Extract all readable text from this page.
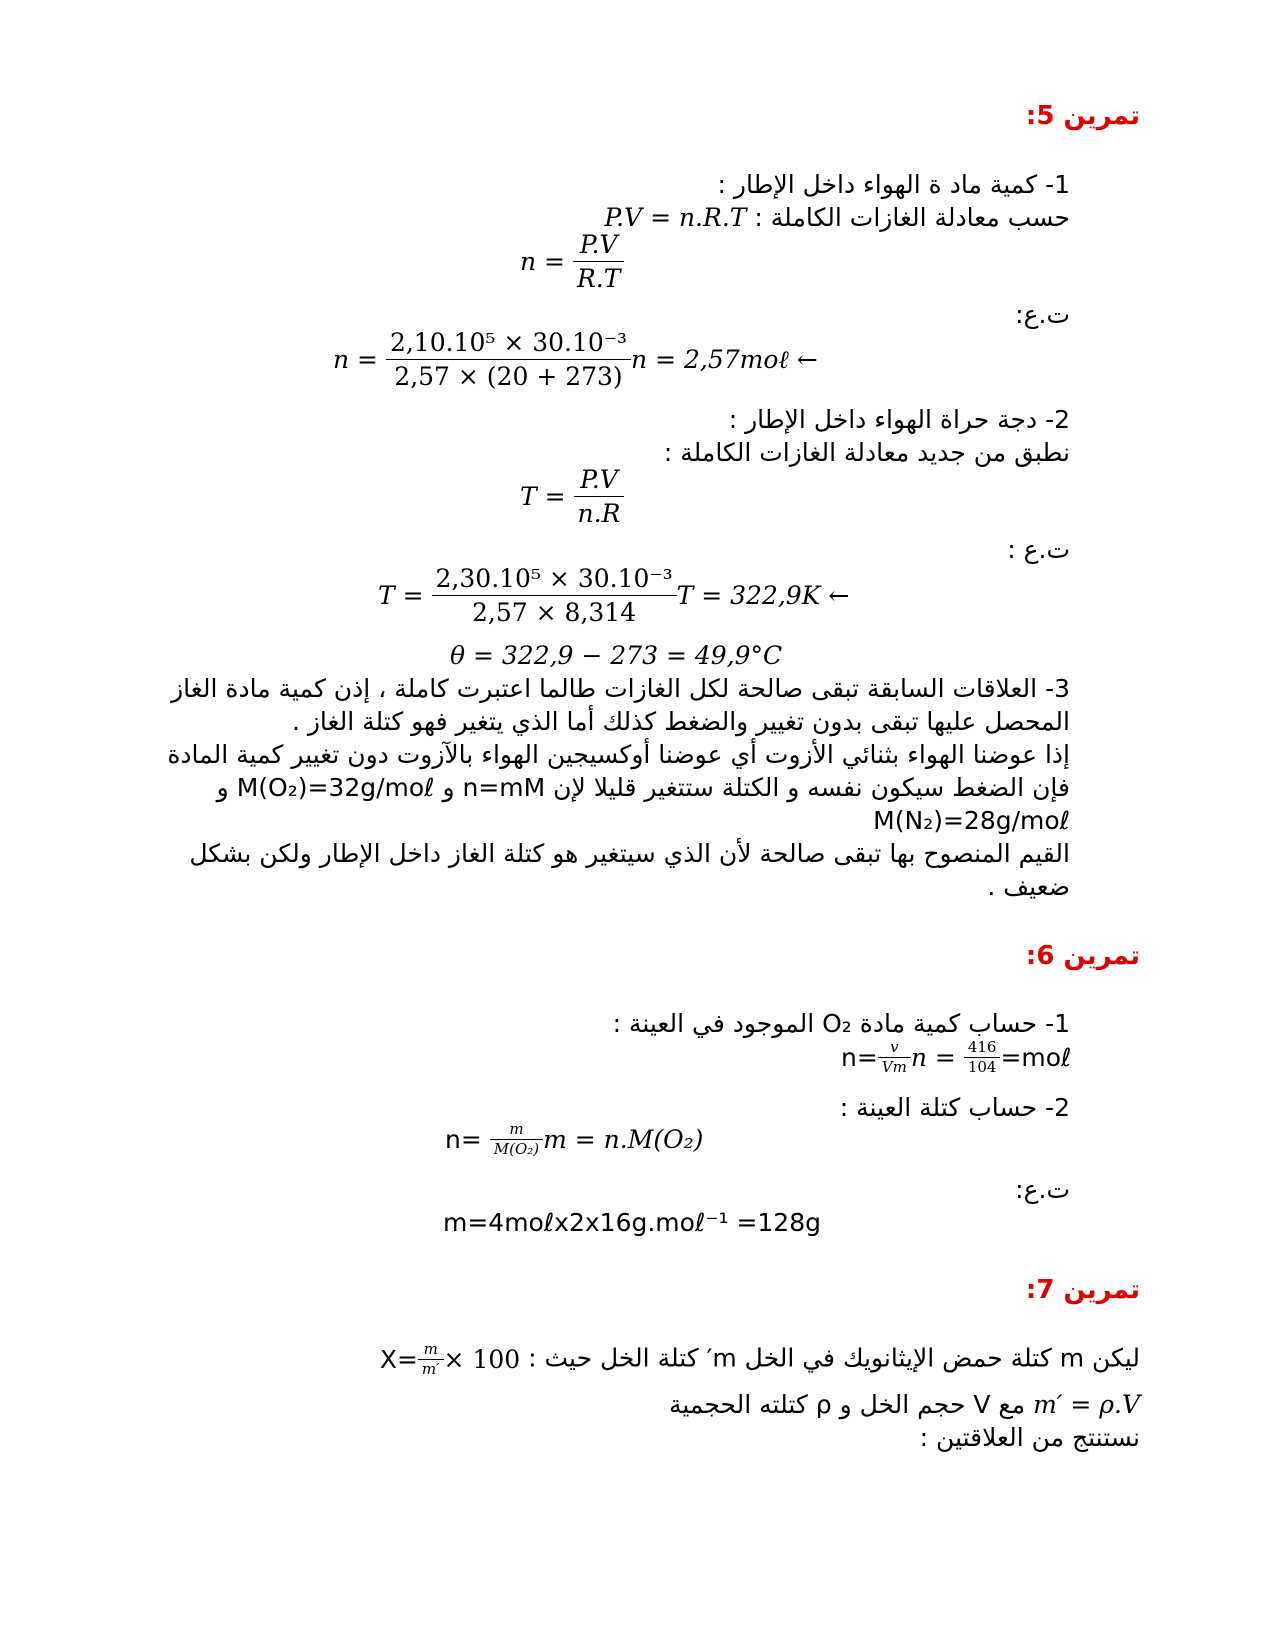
تمرين 5:
1- كمية ماد ة الهواء داخل الإطار :
حسب معادلة الغازات الكاملة : P.V = n.R.T
$n = \frac{P.V}{R.T}$
ت.ع:
$n = \frac{\text{2,10.10⁵ × 30.10⁻³}}{2,57 \times (20 + 273)}$ n = 2,57moℓ ←
2- دجة حراة الهواء داخل الإطار :
نطبق من جديد معادلة الغازات الكاملة :
$T = \frac{P.V}{n.R}$
ت.ع :
$T = \frac{\text{2,30.10⁵ × 30.10⁻³}}{2,57 \times 8,314}$ T = 322,9K ←
θ = 322,9 − 273 = 49,9°C
3- العلاقات السابقة تبقى صالحة لكل الغازات طالما اعتبرت كاملة ، إذن كمية مادة الغاز
المحصل عليها تبقى بدون تغيير والضغط كذلك أما الذي يتغير فهو كتلة الغاز .
إذا عوضنا الهواء بثنائي الأزوت أي عوضنا أوكسيجين الهواء بالآزوت دون تغيير كمية المادة
فإن الضغط سيكون نفسه و الكتلة ستتغير قليلا لإن n=mM و M(O₂)=32g/moℓ و
M(N₂)=28g/moℓ
القيم المنصوح بها تبقى صالحة لأن الذي سيتغير هو كتلة الغاز داخل الإطار ولكن بشكل
ضعيف .
تمرين 6:
1- حساب كمية مادة O₂ الموجود في العينة :
$n= \frac{v}{Vm}$ $n = \frac{416}{104}$ =moℓ
2- حساب كتلة العينة :
$n= \frac{m}{\text{M(O₂)}}$ m = n.M(O₂)
ت.ع:
m=4moℓx2x16g.moℓ⁻¹ =128g
تمرين 7:
ليكن m كتلة حمض الإيثانويك في الخل m′ كتلة الخل حيث : $X= \frac{m}{m'} \times 100$
m′ = ρ.V مع V حجم الخل و ρ كتلته الحجمية
نستنتج من العلاقتين :
